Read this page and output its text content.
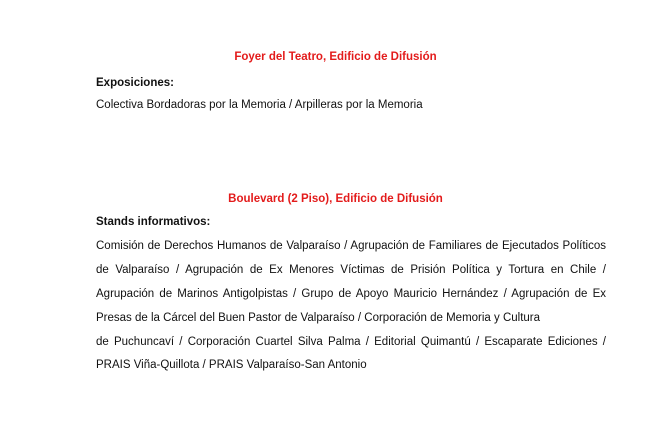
Foyer del Teatro, Edificio de Difusión

Exposiciones:

Colectiva Bordadoras por la Memoria / Arpilleras por la Memoria

Boulevard (2 Piso), Edificio de Difusión

Stands informativos:

Comisión de Derechos Humanos de Valparaíso / Agrupación de Familiares de Ejecutados Políticos

de Valparaíso / Agrupación de Ex Menores Víctimas de Prisión Política y Tortura en Chile /

Agrupación de Marinos Antigolpistas / Grupo de Apoyo Mauricio Hernández / Agrupación de Ex

Presas de la Cárcel del Buen Pastor de Valparaíso / Corporación de Memoria y Cultura

de Puchuncaví / Corporación Cuartel Silva Palma / Editorial Quimantú / Escaparate Ediciones /

PRAIS Viña-Quillota / PRAIS Valparaíso-San Antonio
